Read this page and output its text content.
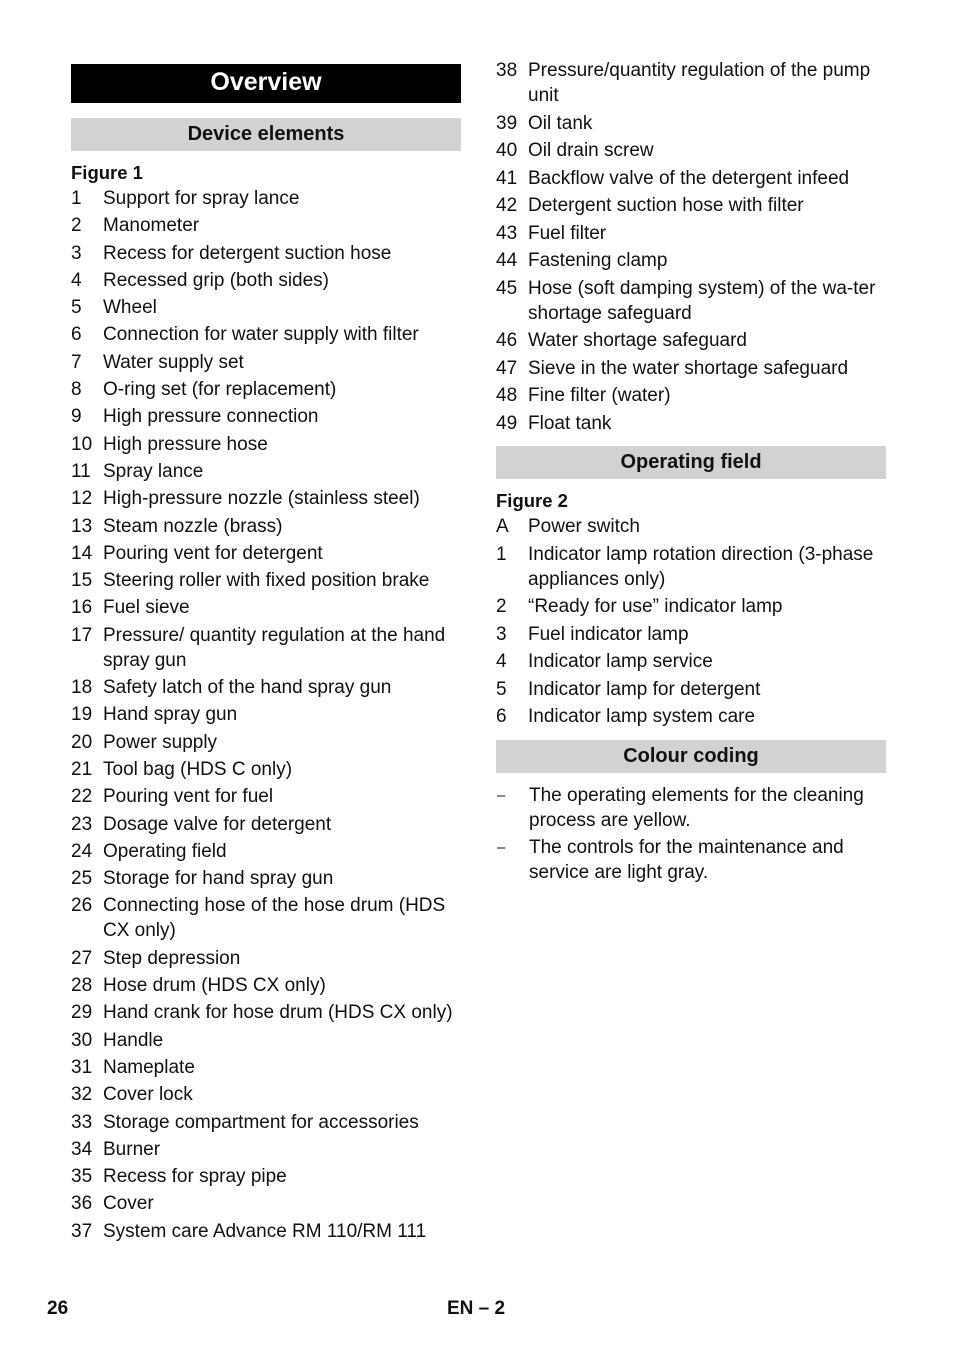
Overview
Device elements
Figure 1
1	Support for spray lance
2	Manometer
3	Recess for detergent suction hose
4	Recessed grip (both sides)
5	Wheel
6	Connection for water supply with filter
7	Water supply set
8	O-ring set (for replacement)
9	High pressure connection
10 High pressure hose
11 Spray lance
12 High-pressure nozzle (stainless steel)
13 Steam nozzle (brass)
14 Pouring vent for detergent
15 Steering roller with fixed position brake
16 Fuel sieve
17 Pressure/ quantity regulation at the hand spray gun
18 Safety latch of the hand spray gun
19 Hand spray gun
20 Power supply
21 Tool bag (HDS C only)
22 Pouring vent for fuel
23 Dosage valve for detergent
24 Operating field
25 Storage for hand spray gun
26 Connecting hose of the hose drum (HDS CX only)
27 Step depression
28 Hose drum (HDS CX only)
29 Hand crank for hose drum (HDS CX only)
30 Handle
31 Nameplate
32 Cover lock
33 Storage compartment for accessories
34 Burner
35 Recess for spray pipe
36 Cover
37 System care Advance RM 110/RM 111
38 Pressure/quantity regulation of the pump unit
39 Oil tank
40 Oil drain screw
41 Backflow valve of the detergent infeed
42 Detergent suction hose with filter
43 Fuel filter
44 Fastening clamp
45 Hose (soft damping system) of the wa-ter shortage safeguard
46 Water shortage safeguard
47 Sieve in the water shortage safeguard
48 Fine filter (water)
49 Float tank
Operating field
Figure 2
A	Power switch
1	Indicator lamp rotation direction (3-phase appliances only)
2	“Ready for use” indicator lamp
3	Fuel indicator lamp
4	Indicator lamp service
5	Indicator lamp for detergent
6	Indicator lamp system care
Colour coding
–	The operating elements for the cleaning process are yellow.
–	The controls for the maintenance and service are light gray.
26	EN – 2
